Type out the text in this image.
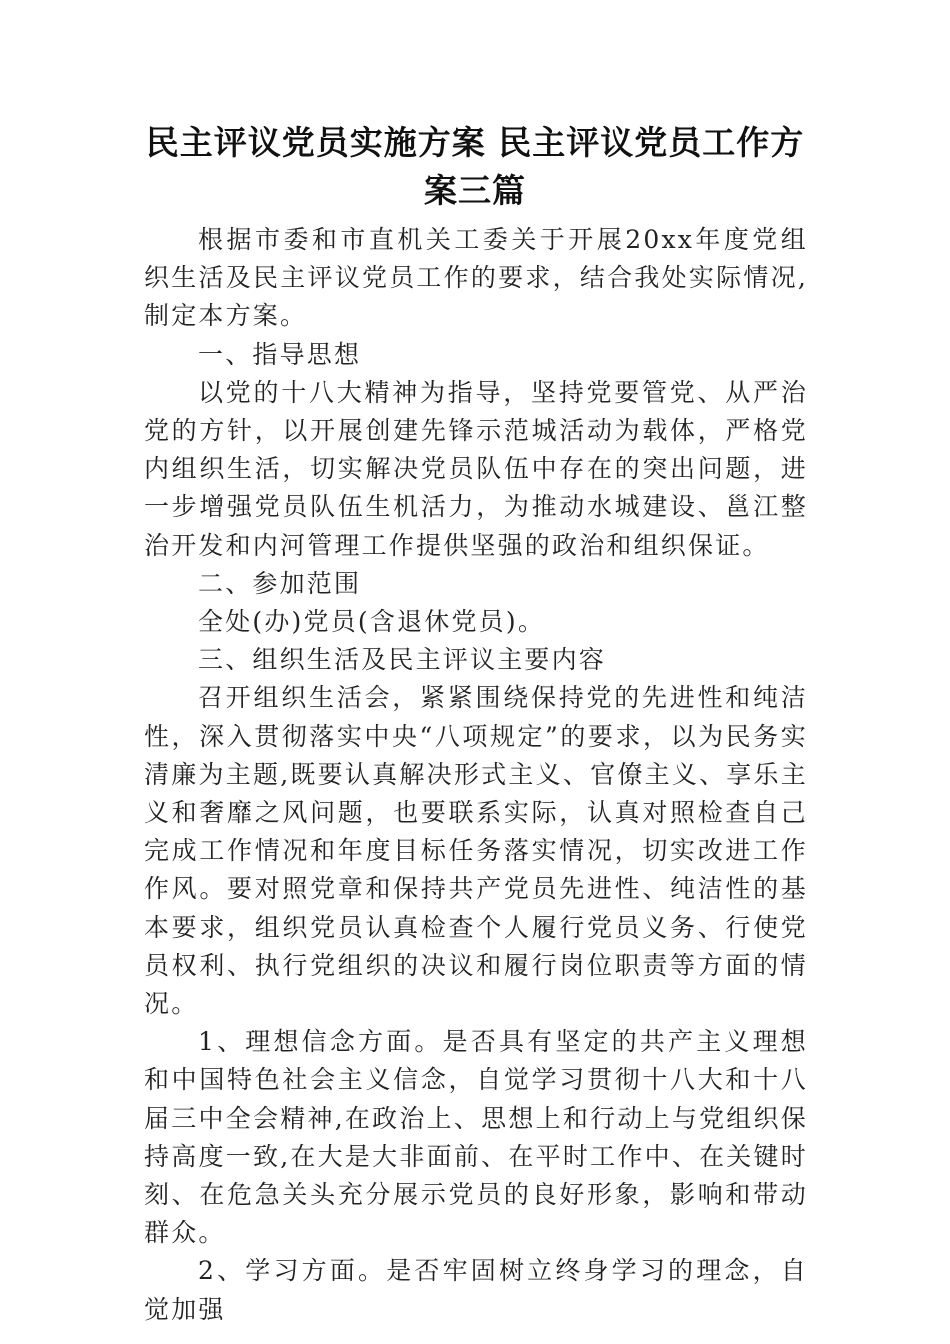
民主评议党员实施方案 民主评议党员工作方案三篇

根据市委和市直机关工委关于开展20xx年度党组织生活及民主评议党员工作的要求，结合我处实际情况,制定本方案。

一、指导思想

以党的十八大精神为指导，坚持党要管党、从严治党的方针，以开展创建先锋示范城活动为载体，严格党内组织生活，切实解决党员队伍中存在的突出问题，进一步增强党员队伍生机活力，为推动水城建设、邕江整治开发和内河管理工作提供坚强的政治和组织保证。

二、参加范围

全处(办)党员(含退休党员)。

三、组织生活及民主评议主要内容

召开组织生活会，紧紧围绕保持党的先进性和纯洁性，深入贯彻落实中央“八项规定”的要求，以为民务实清廉为主题,既要认真解决形式主义、官僚主义、享乐主义和奢靡之风问题，也要联系实际，认真对照检查自己完成工作情况和年度目标任务落实情况，切实改进工作作风。要对照党章和保持共产党员先进性、纯洁性的基本要求，组织党员认真检查个人履行党员义务、行使党员权利、执行党组织的决议和履行岗位职责等方面的情况。

1、理想信念方面。是否具有坚定的共产主义理想和中国特色社会主义信念，自觉学习贯彻十八大和十八届三中全会精神,在政治上、思想上和行动上与党组织保持高度一致,在大是大非面前、在平时工作中、在关键时刻、在危急关头充分展示党员的良好形象，影响和带动群众。

2、学习方面。是否牢固树立终身学习的理念，自觉加强
